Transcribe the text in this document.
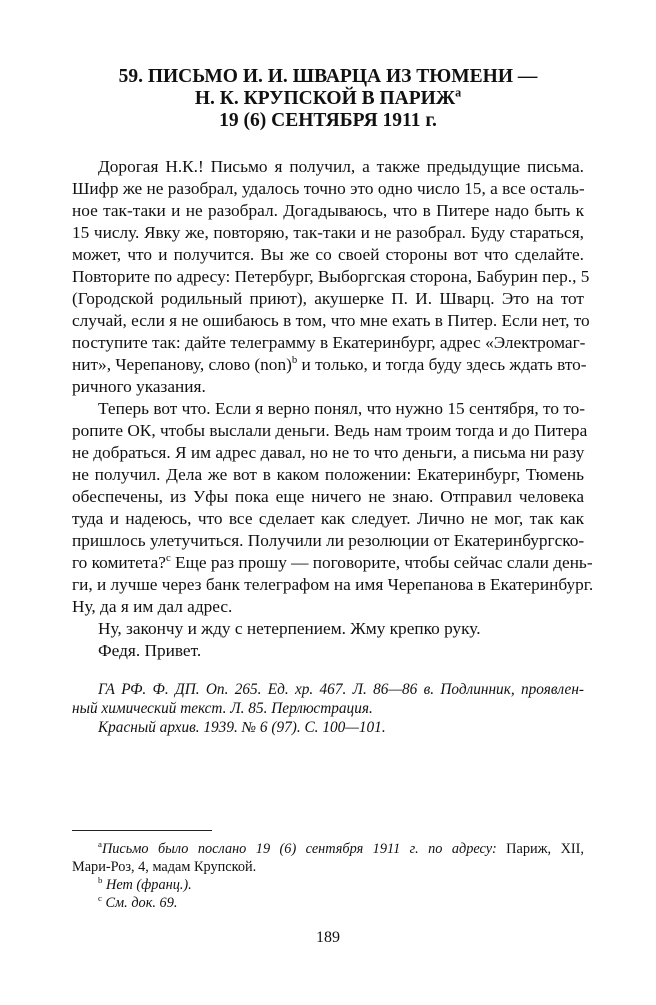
59. ПИСЬМО И. И. ШВАРЦА ИЗ ТЮМЕНИ —
Н. К. КРУПСКОЙ В ПАРИЖ$^a$
19 (6) СЕНТЯБРЯ 1911 г.
Дорогая Н.К.! Письмо я получил, а также предыдущие письма.
Шифр же не разобрал, удалось точно это одно число 15, а все осталь-
ное так-таки и не разобрал. Догадываюсь, что в Питере надо быть к
15 числу. Явку же, повторяю, так-таки и не разобрал. Буду стараться,
может, что и получится. Вы же со своей стороны вот что сделайте.
Повторите по адресу: Петербург, Выборгская сторона, Бабурин пер., 5
(Городской родильный приют), акушерке П. И. Шварц. Это на тот
случай, если я не ошибаюсь в том, что мне ехать в Питер. Если нет, то
поступите так: дайте телеграмму в Екатеринбург, адрес «Электромаг-
нит», Черепанову, слово (non)$^b$ и только, и тогда буду здесь ждать вто-
ричного указания.
Теперь вот что. Если я верно понял, что нужно 15 сентября, то то-
ропите ОК, чтобы выслали деньги. Ведь нам троим тогда и до Питера
не добраться. Я им адрес давал, но не то что деньги, а письма ни разу
не получил. Дела же вот в каком положении: Екатеринбург, Тюмень
обеспечены, из Уфы пока еще ничего не знаю. Отправил человека
туда и надеюсь, что все сделает как следует. Лично не мог, так как
пришлось улетучиться. Получили ли резолюции от Екатеринбургско-
го комитета?$^c$ Еще раз прошу — поговорите, чтобы сейчас слали день-
ги, и лучше через банк телеграфом на имя Черепанова в Екатеринбург.
Ну, да я им дал адрес.
Ну, закончу и жду с нетерпением. Жму крепко руку.
Федя. Привет.
ГА РФ. Ф. ДП. Оп. 265. Ед. хр. 467. Л. 86—86 в. Подлинник, проявлен-
ный химический текст. Л. 85. Перлюстрация.
Красный архив. 1939. № 6 (97). С. 100—101.
$^a$Письмо было послано 19 (6) сентября 1911 г. по адресу: Париж, XII,
Мари-Роз, 4, мадам Крупской.
$^b$ Нет (франц.).
$^c$ См. док. 69.
189
